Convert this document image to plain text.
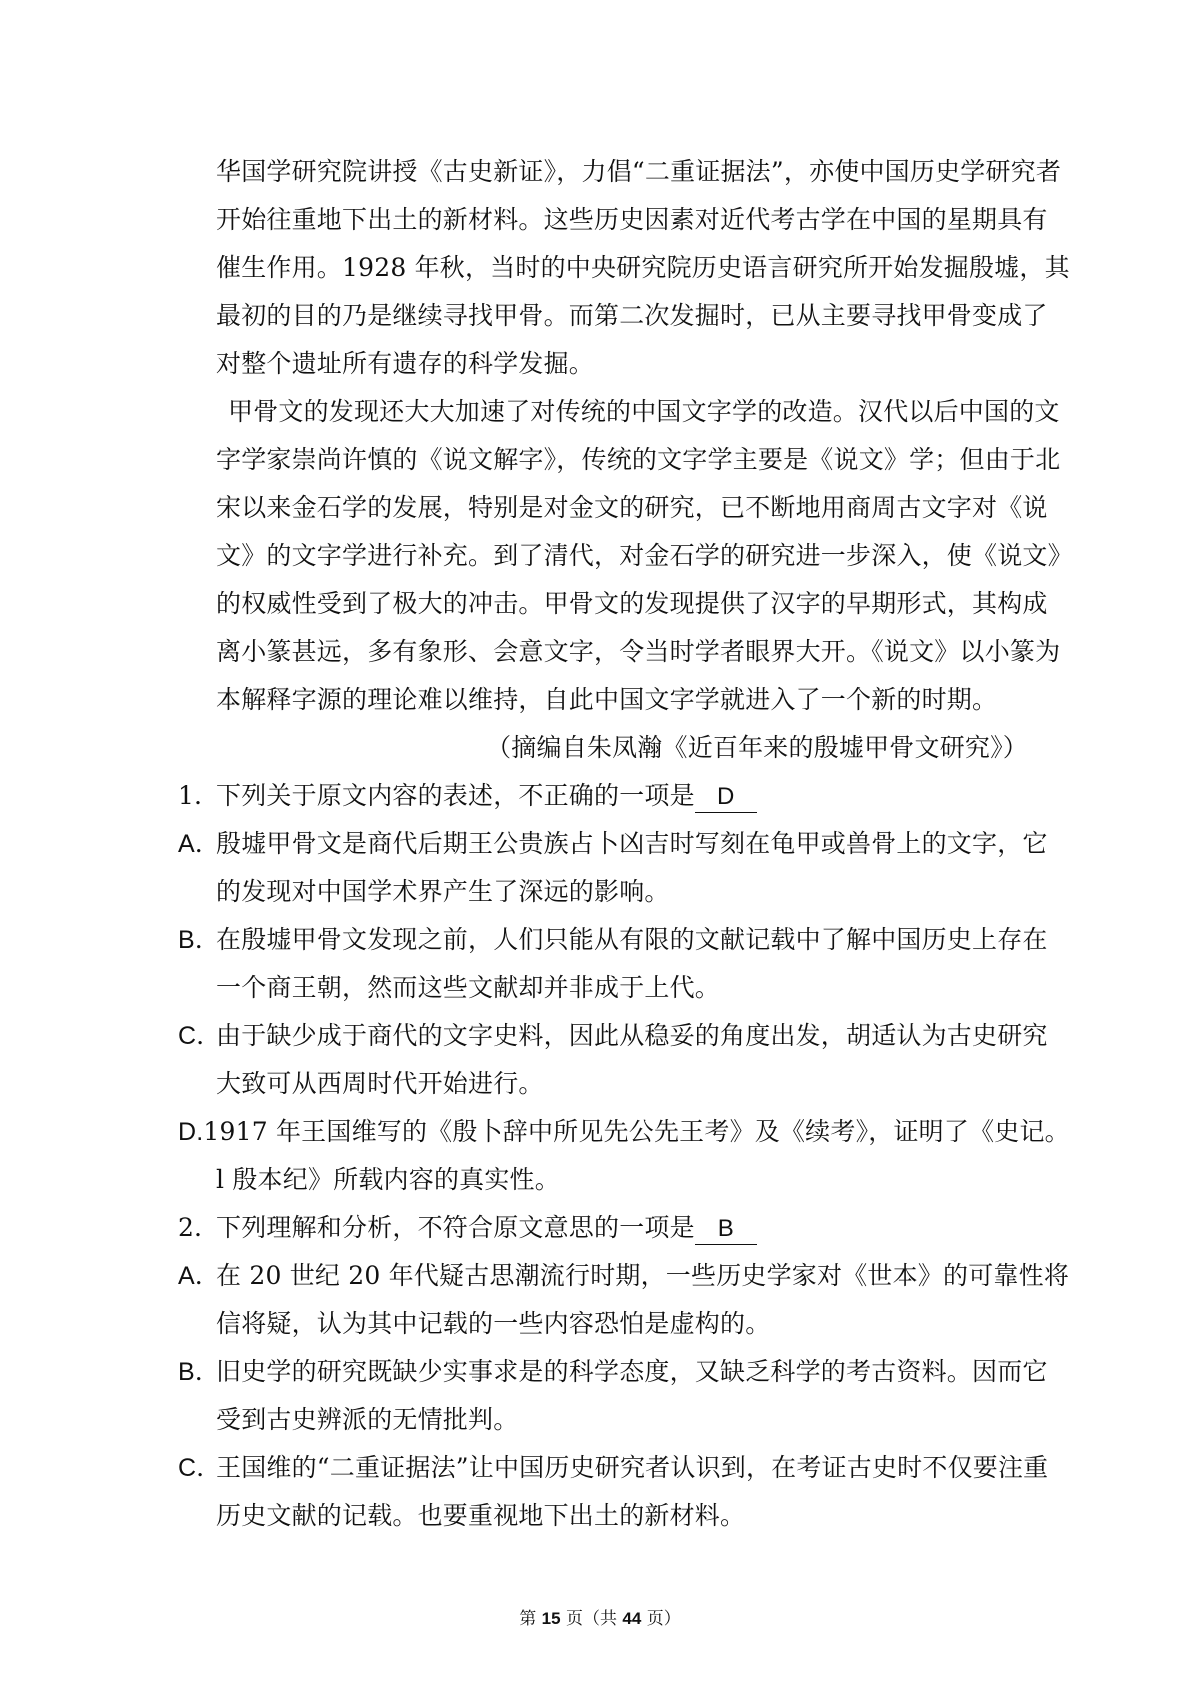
华国学研究院讲授《古史新证》，力倡“二重证据法”，亦使中国历史学研究者
开始往重地下出土的新材料。这些历史因素对近代考古学在中国的星期具有
催生作用。1928 年秋，当时的中央研究院历史语言研究所开始发掘殷墟，其
最初的目的乃是继续寻找甲骨。而第二次发掘时，已从主要寻找甲骨变成了
对整个遗址所有遗存的科学发掘。
甲骨文的发现还大大加速了对传统的中国文字学的改造。汉代以后中国的文
字学家崇尚许慎的《说文解字》，传统的文字学主要是《说文》学；但由于北
宋以来金石学的发展，特别是对金文的研究，已不断地用商周古文字对《说
文》的文字学进行补充。到了清代，对金石学的研究进一步深入，使《说文》
的权威性受到了极大的冲击。甲骨文的发现提供了汉字的早期形式，其构成
离小篆甚远，多有象形、会意文字，令当时学者眼界大开。《说文》以小篆为
本解释字源的理论难以维持，自此中国文字学就进入了一个新的时期。
（摘编自朱凤瀚《近百年来的殷墟甲骨文研究》）
1．下列关于原文内容的表述，不正确的一项是 D
A．殷墟甲骨文是商代后期王公贵族占卜凶吉时写刻在龟甲或兽骨上的文字，它
的发现对中国学术界产生了深远的影响。
B．在殷墟甲骨文发现之前，人们只能从有限的文献记载中了解中国历史上存在
一个商王朝，然而这些文献却并非成于上代。
C．由于缺少成于商代的文字史料，因此从稳妥的角度出发，胡适认为古史研究
大致可从西周时代开始进行。
D.1917 年王国维写的《殷卜辞中所见先公先王考》及《续考》，证明了《史记。
l 殷本纪》所载内容的真实性。
2．下列理解和分析，不符合原文意思的一项是 B
A．在 20 世纪 20 年代疑古思潮流行时期，一些历史学家对《世本》的可靠性将
信将疑，认为其中记载的一些内容恐怕是虚构的。
B．旧史学的研究既缺少实事求是的科学态度，又缺乏科学的考古资料。因而它
受到古史辨派的无情批判。
C．王国维的“二重证据法”让中国历史研究者认识到，在考证古史时不仅要注重
历史文献的记载。也要重视地下出土的新材料。
第 15 页（共 44 页）
